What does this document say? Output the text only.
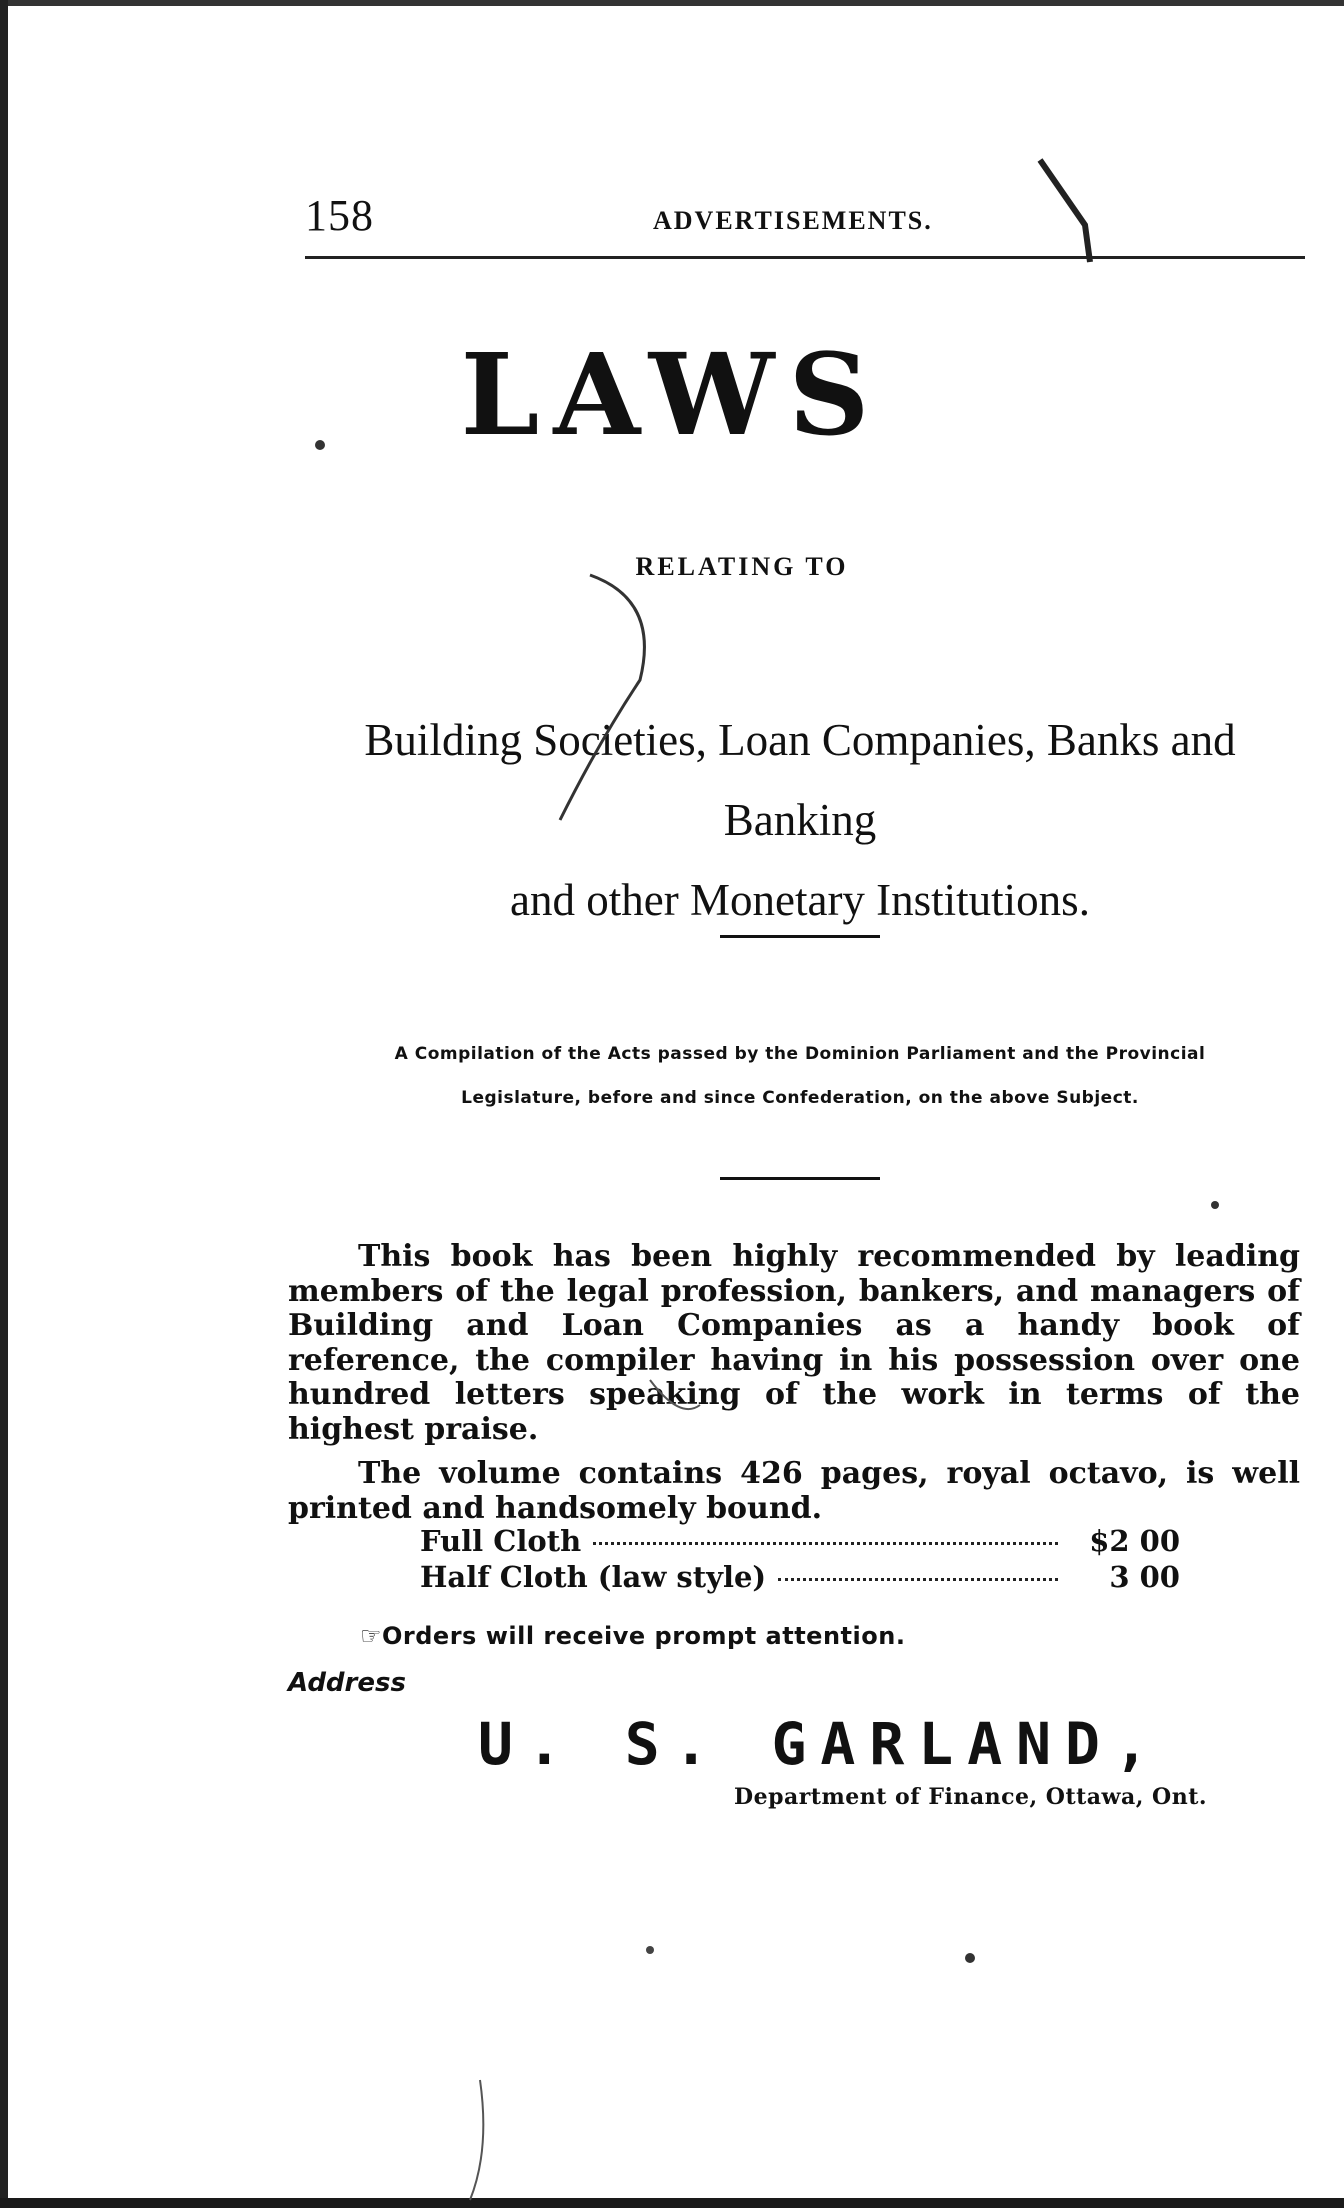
158	ADVERTISEMENTS.
LAWS
RELATING TO
Building Societies, Loan Companies, Banks and Banking
and other Monetary Institutions.
A Compilation of the Acts passed by the Dominion Parliament and the Provincial
Legislature, before and since Confederation, on the above Subject.

This book has been highly recommended by leading members of the legal profession, bankers, and managers of Building and Loan Companies as a handy book of reference, the compiler having in his possession over one hundred letters speaking of the work in terms of the highest praise.

The volume contains 426 pages, royal octavo, is well printed and handsomely bound.

Full Cloth	$2 00
Half Cloth (law style)	3 00
☞Orders will receive prompt attention.
Address
U. S. GARLAND,
Department of Finance, Ottawa, Ont.
